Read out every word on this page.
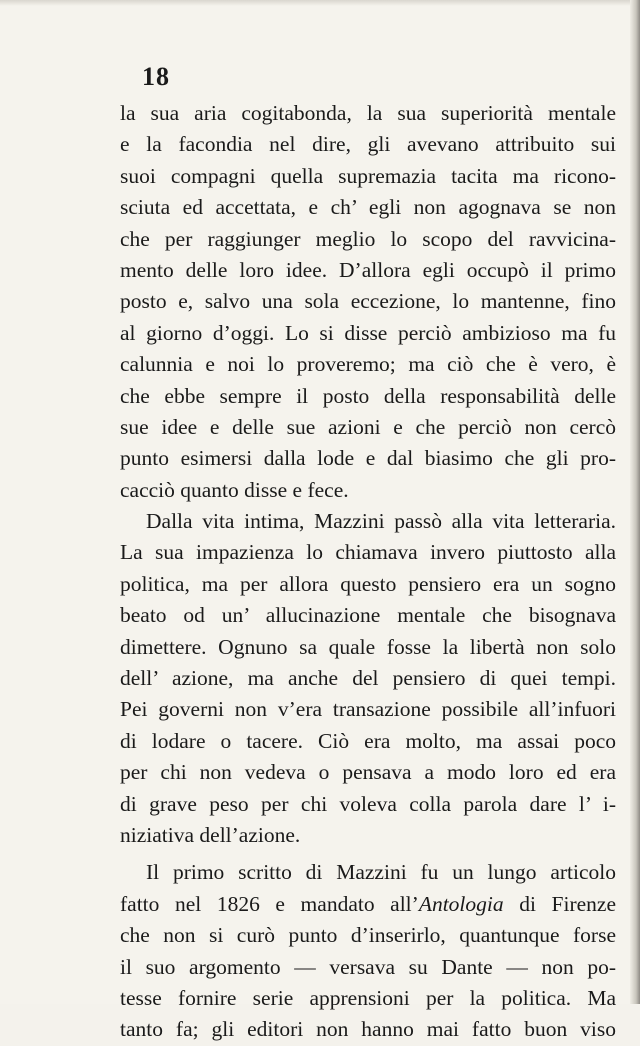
18
la sua aria cogitabonda, la sua superiorità mentale
e la facondia nel dire, gli avevano attribuito sui
suoi compagni quella supremazia tacita ma ricono-
sciuta ed accettata, e ch’ egli non agognava se non
che per raggiunger meglio lo scopo del ravvicina-
mento delle loro idee. D’allora egli occupò il primo
posto e, salvo una sola eccezione, lo mantenne, fino
al giorno d’oggi. Lo si disse perciò ambizioso ma fu
calunnia e noi lo proveremo; ma ciò che è vero, è
che ebbe sempre il posto della responsabilità delle
sue idee e delle sue azioni e che perciò non cercò
punto esimersi dalla lode e dal biasimo che gli pro-
cacciò quanto disse e fece.
Dalla vita intima, Mazzini passò alla vita letteraria.
La sua impazienza lo chiamava invero piuttosto alla
politica, ma per allora questo pensiero era un sogno
beato od un’ allucinazione mentale che bisognava
dimettere. Ognuno sa quale fosse la libertà non solo
dell’ azione, ma anche del pensiero di quei tempi.
Pei governi non v’era transazione possibile all’infuori
di lodare o tacere. Ciò era molto, ma assai poco
per chi non vedeva o pensava a modo loro ed era
di grave peso per chi voleva colla parola dare l’ i-
niziativa dell’azione.
Il primo scritto di Mazzini fu un lungo articolo
fatto nel 1826 e mandato all’Antologia di Firenze
che non si curò punto d’inserirlo, quantunque forse
il suo argomento — versava su Dante — non po-
tesse fornire serie apprensioni per la politica. Ma
tanto fa; gli editori non hanno mai fatto buon viso
